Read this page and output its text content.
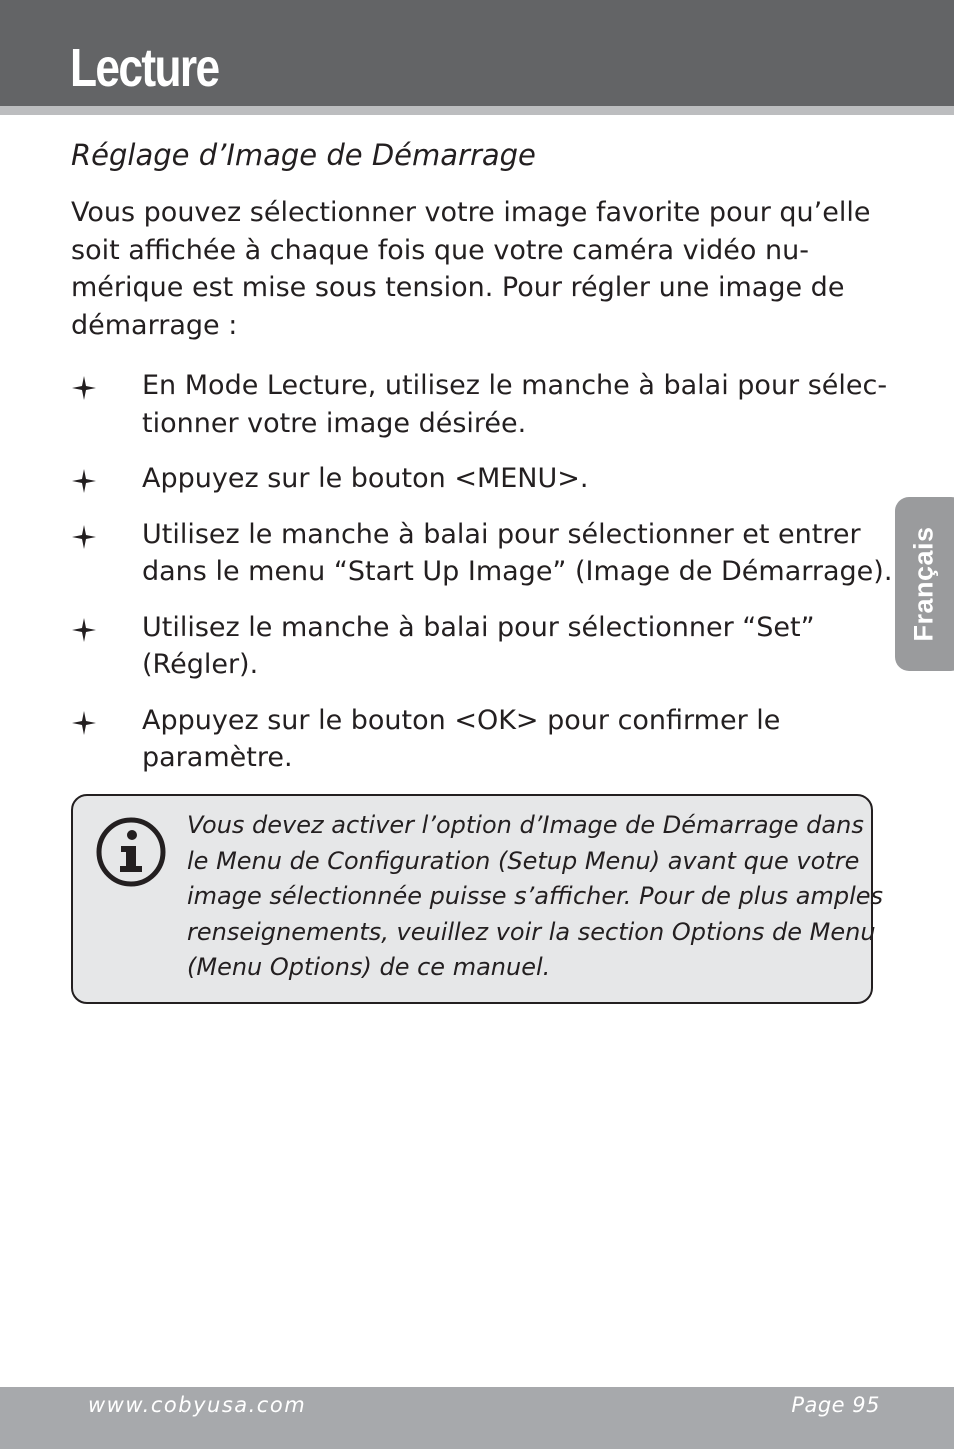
Lecture
Réglage d’Image de Démarrage

Vous pouvez sélectionner votre image favorite pour qu’elle
soit affichée à chaque fois que votre caméra vidéo nu-
mérique est mise sous tension. Pour régler une image de
démarrage :

En Mode Lecture, utilisez le manche à balai pour sélec-
tionner votre image désirée.
Appuyez sur le bouton <MENU>.
Utilisez le manche à balai pour sélectionner et entrer
dans le menu “Start Up Image” (Image de Démarrage).
Utilisez le manche à balai pour sélectionner “Set”
(Régler).
Appuyez sur le bouton <OK> pour confirmer le
paramètre.

Vous devez activer l’option d’Image de Démarrage dans
le Menu de Configuration (Setup Menu) avant que votre
image sélectionnée puisse s’afficher. Pour de plus amples
renseignements, veuillez voir la section Options de Menu
(Menu Options) de ce manuel.

Français
www.cobyusa.com	Page 95
